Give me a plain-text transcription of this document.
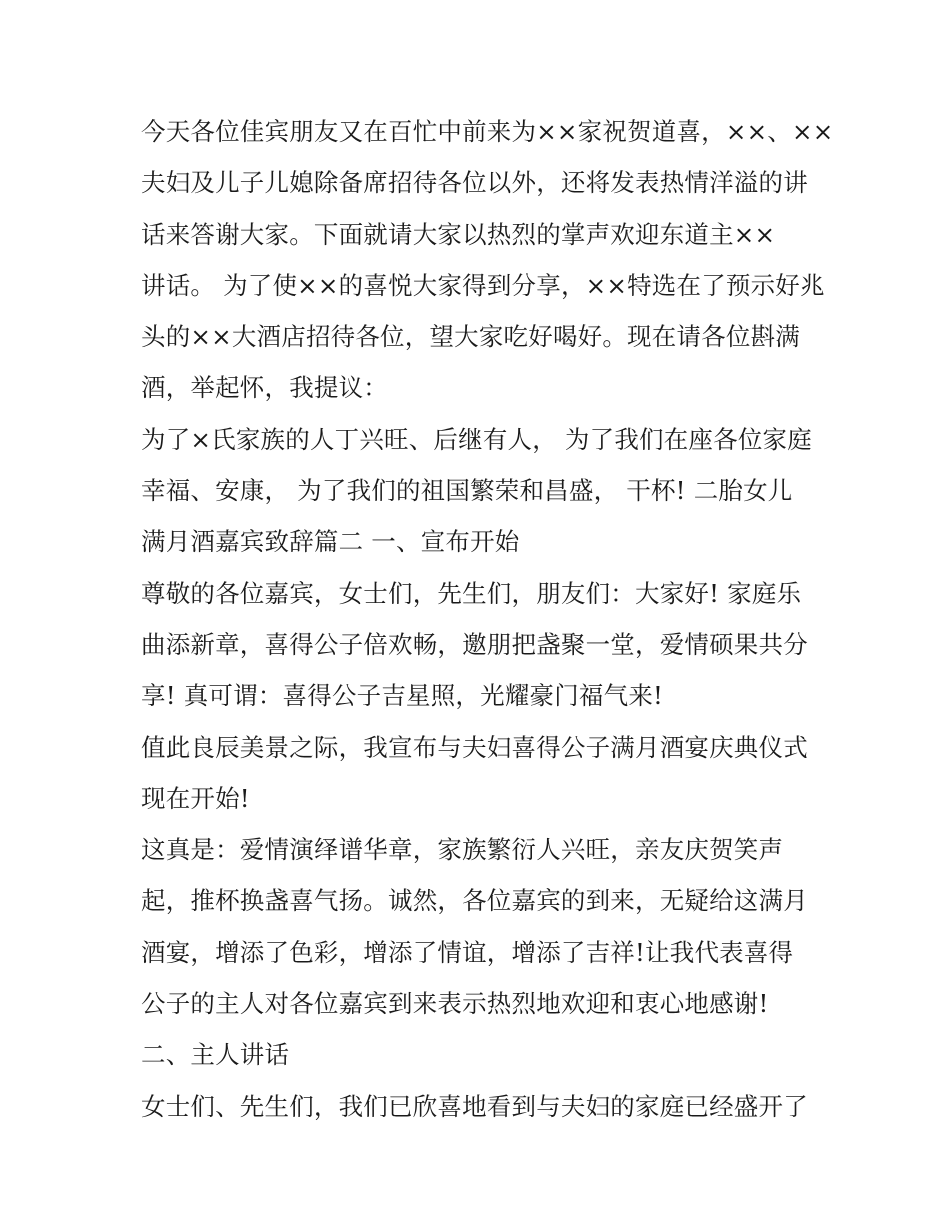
今天各位佳宾朋友又在百忙中前来为××家祝贺道喜，××、××
夫妇及儿子儿媳除备席招待各位以外，还将发表热情洋溢的讲
话来答谢大家。下面就请大家以热烈的掌声欢迎东道主××
讲话。 为了使××的喜悦大家得到分享，××特选在了预示好兆
头的××大酒店招待各位，望大家吃好喝好。现在请各位斟满
酒，举起怀，我提议：
为了×氏家族的人丁兴旺、后继有人， 为了我们在座各位家庭
幸福、安康， 为了我们的祖国繁荣和昌盛， 干杯! 二胎女儿
满月酒嘉宾致辞篇二 一、宣布开始
尊敬的各位嘉宾，女士们，先生们，朋友们：大家好! 家庭乐
曲添新章，喜得公子倍欢畅，邀朋把盏聚一堂，爱情硕果共分
享! 真可谓：喜得公子吉星照，光耀豪门福气来!
值此良辰美景之际，我宣布与夫妇喜得公子满月酒宴庆典仪式
现在开始!
这真是：爱情演绎谱华章，家族繁衍人兴旺，亲友庆贺笑声
起，推杯换盏喜气扬。诚然，各位嘉宾的到来，无疑给这满月
酒宴，增添了色彩，增添了情谊，增添了吉祥!让我代表喜得
公子的主人对各位嘉宾到来表示热烈地欢迎和衷心地感谢!
二、主人讲话
女士们、先生们，我们已欣喜地看到与夫妇的家庭已经盛开了
